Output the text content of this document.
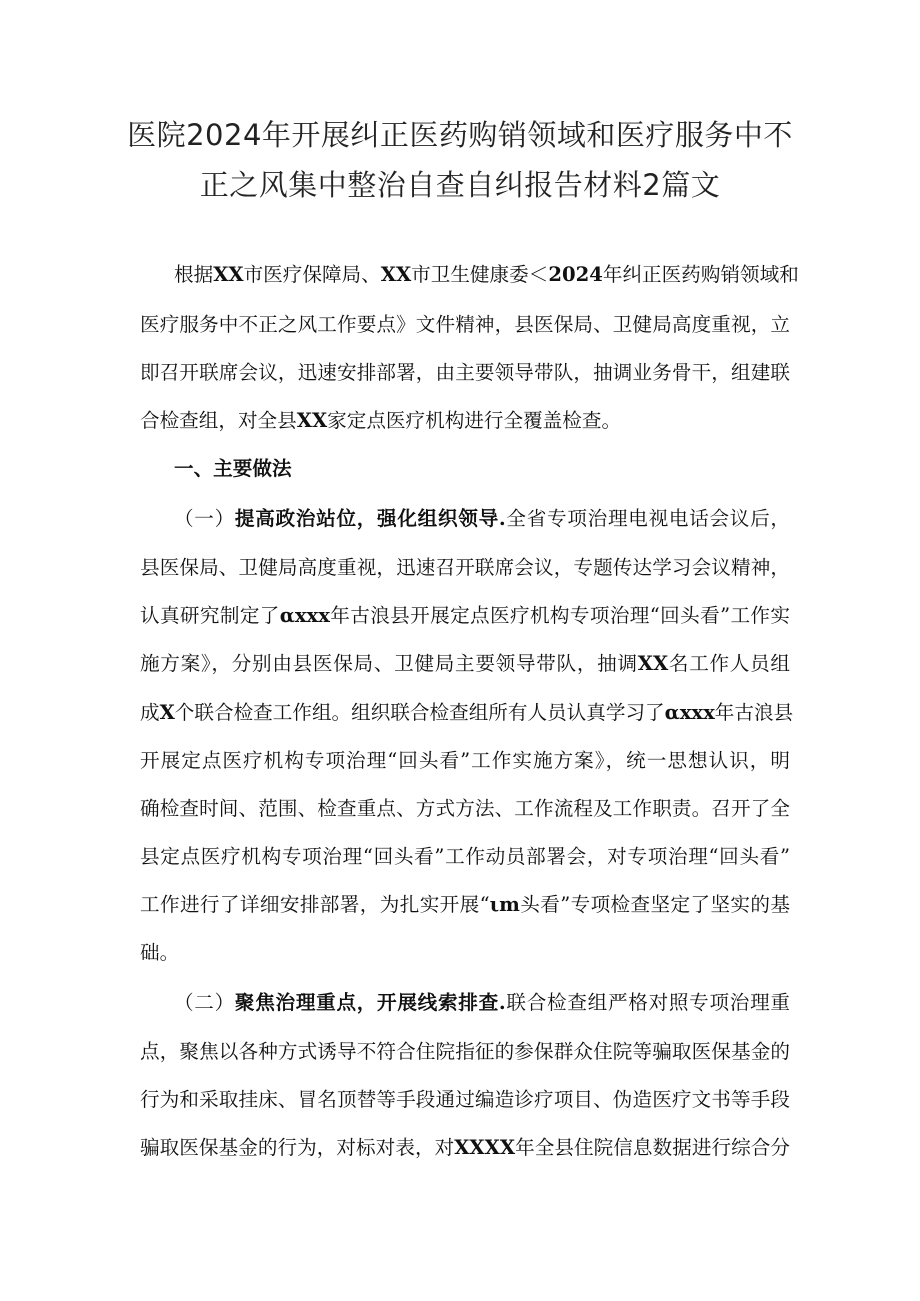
医院2024年开展纠正医药购销领域和医疗服务中不
正之风集中整治自查自纠报告材料2篇文
根据XX市医疗保障局、XX市卫生健康委＜2024年纠正医药购销领域和
医疗服务中不正之风工作要点》文件精神，县医保局、卫健局高度重视，立
即召开联席会议，迅速安排部署，由主要领导带队，抽调业务骨干，组建联
合检查组，对全县XX家定点医疗机构进行全覆盖检查。
一、主要做法
（一）提高政治站位，强化组织领导.全省专项治理电视电话会议后，
县医保局、卫健局高度重视，迅速召开联席会议，专题传达学习会议精神，
认真研究制定了αxxx年古浪县开展定点医疗机构专项治理“回头看”工作实
施方案》，分别由县医保局、卫健局主要领导带队，抽调XX名工作人员组
成X个联合检查工作组。组织联合检查组所有人员认真学习了αxxx年古浪县
开展定点医疗机构专项治理“回头看”工作实施方案》，统一思想认识，明
确检查时间、范围、检查重点、方式方法、工作流程及工作职责。召开了全
县定点医疗机构专项治理“回头看”工作动员部署会，对专项治理“回头看”
工作进行了详细安排部署，为扎实开展“ιm头看”专项检查坚定了坚实的基
础。
（二）聚焦治理重点，开展线索排查.联合检查组严格对照专项治理重
点，聚焦以各种方式诱导不符合住院指征的参保群众住院等骗取医保基金的
行为和采取挂床、冒名顶替等手段通过编造诊疗项目、伪造医疗文书等手段
骗取医保基金的行为，对标对表，对XXXX年全县住院信息数据进行综合分
